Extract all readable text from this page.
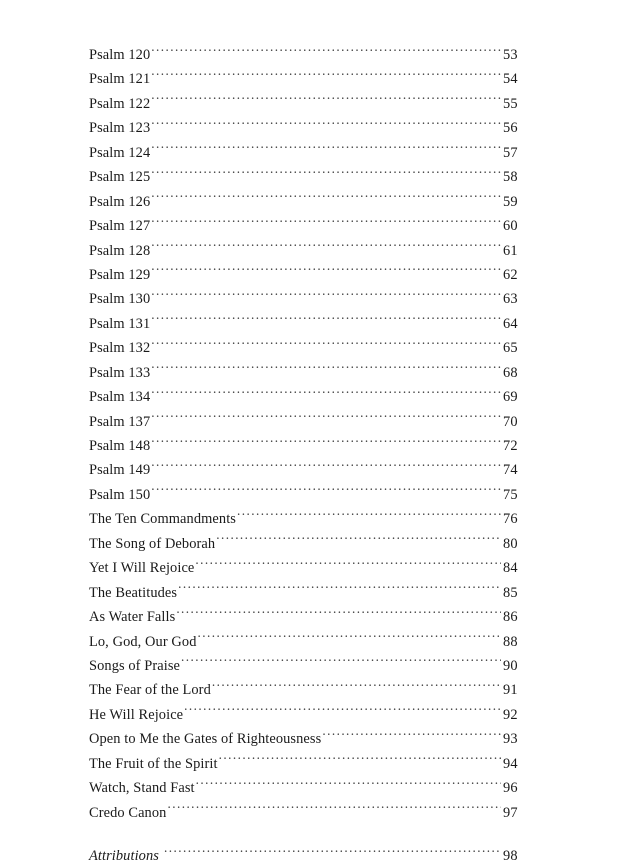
Psalm 120 .....	53
Psalm 121 .....	54
Psalm 122 .....	55
Psalm 123 .....	56
Psalm 124 .....	57
Psalm 125 .....	58
Psalm 126 .....	59
Psalm 127 .....	60
Psalm 128 .....	61
Psalm 129 .....	62
Psalm 130 .....	63
Psalm 131 .....	64
Psalm 132 .....	65
Psalm 133 .....	68
Psalm 134 .....	69
Psalm 137 .....	70
Psalm 148 .....	72
Psalm 149 .....	74
Psalm 150 .....	75
The Ten Commandments .....	76
The Song of Deborah .....	80
Yet I Will Rejoice .....	84
The Beatitudes .....	85
As Water Falls .....	86
Lo, God, Our God .....	88
Songs of Praise .....	90
The Fear of the Lord .....	91
He Will Rejoice .....	92
Open to Me the Gates of Righteousness .....	93
The Fruit of the Spirit .....	94
Watch, Stand Fast .....	96
Credo Canon .....	97
Attributions .....	98
